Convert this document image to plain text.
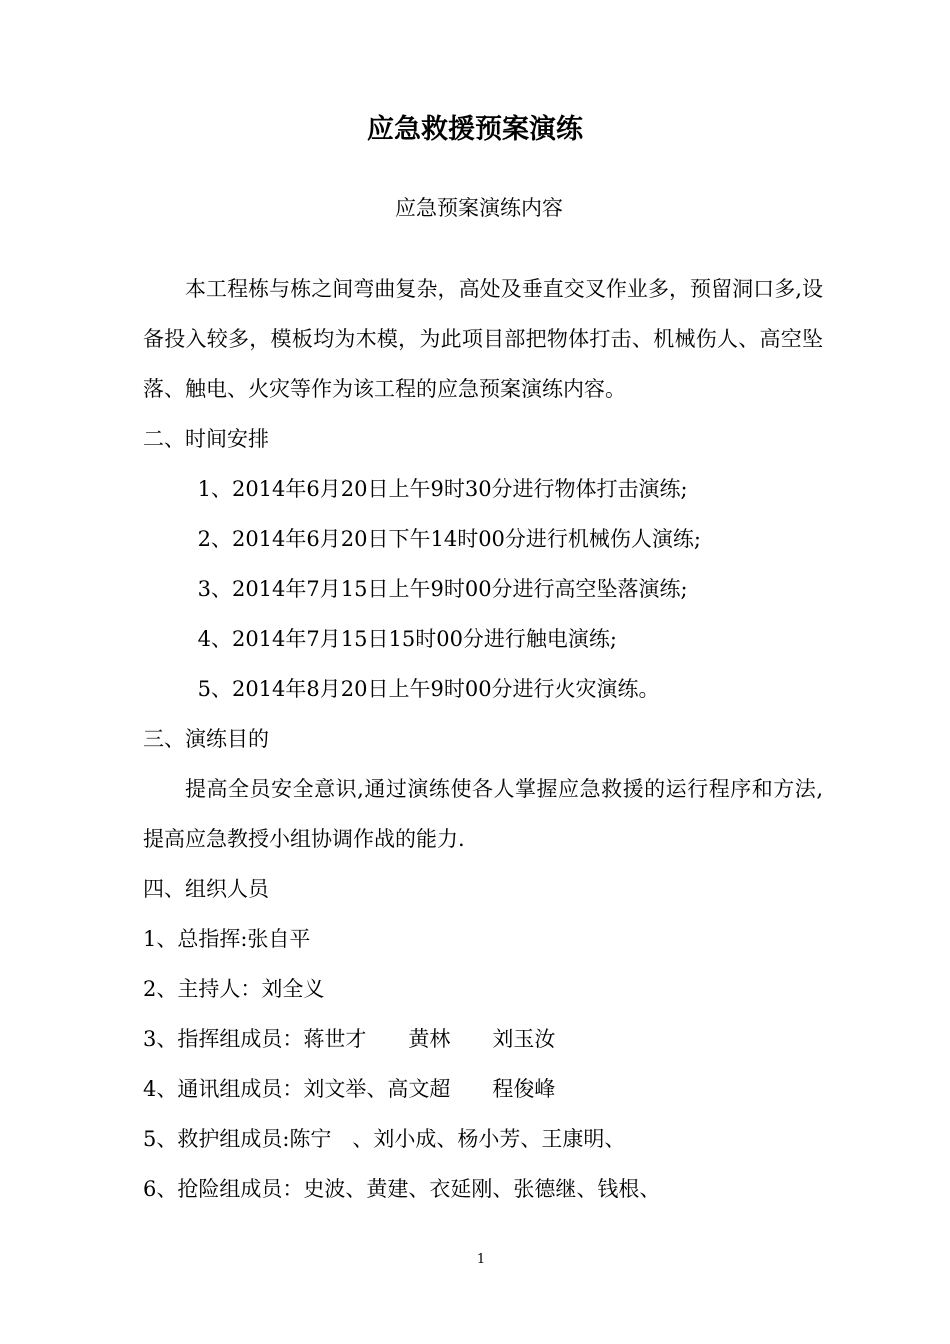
应急救援预案演练
应急预案演练内容

本工程栋与栋之间弯曲复杂，高处及垂直交叉作业多，预留洞口多,设备投入较多，模板均为木模，为此项目部把物体打击、机械伤人、高空坠落、触电、火灾等作为该工程的应急预案演练内容。

二、时间安排

1、2014年6月20日上午9时30分进行物体打击演练;

2、2014年6月20日下午14时00分进行机械伤人演练;

3、2014年7月15日上午9时00分进行高空坠落演练;

4、2014年7月15日15时00分进行触电演练;

5、2014年8月20日上午9时00分进行火灾演练。

三、演练目的

提高全员安全意识,通过演练使各人掌握应急救援的运行程序和方法,提高应急教授小组协调作战的能力.

四、组织人员

1、总指挥:张自平

2、主持人：刘全义

3、指挥组成员：蒋世才　　黄林　　刘玉汝

4、通讯组成员：刘文举、高文超　　程俊峰

5、救护组成员:陈宁　、刘小成、杨小芳、王康明、

6、抢险组成员：史波、黄建、衣延刚、张德继、钱根、

1
